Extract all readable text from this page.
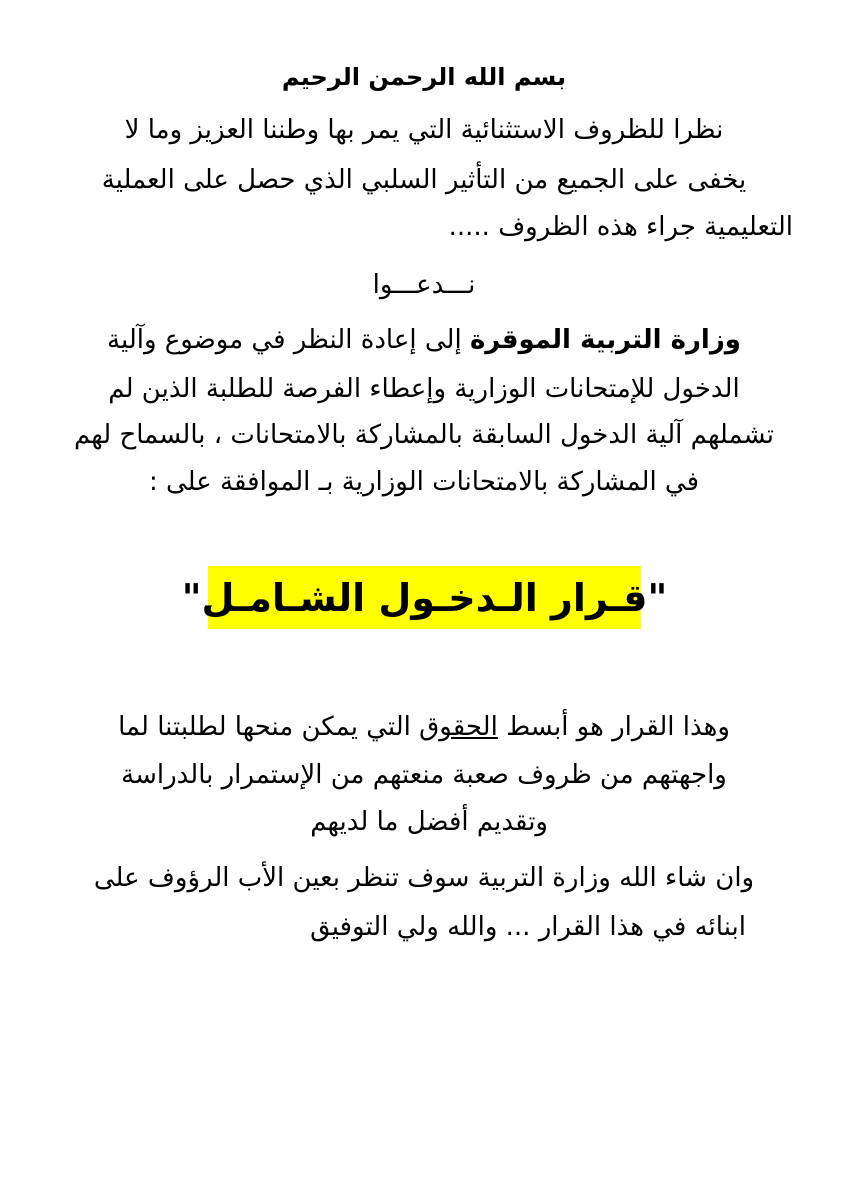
بسم الله الرحمن الرحيم
نظرا للظروف الاستثنائية التي يمر بها وطننا العزيز وما لا
يخفى على الجميع من التأثير السلبي الذي حصل على العملية
التعليمية جراء هذه الظروف .....
نـــدعـــوا
وزارة التربية الموقرة إلى إعادة النظر في موضوع وآلية
الدخول للإمتحانات الوزارية وإعطاء الفرصة للطلبة الذين لم
تشملهم آلية الدخول السابقة بالمشاركة بالامتحانات ، بالسماح لهم
في المشاركة بالامتحانات الوزارية بـ الموافقة على :
"قـرار الـدخـول الشـامـل"
وهذا القرار هو أبسط الحقوق التي يمكن منحها لطلبتنا لما
واجهتهم من ظروف صعبة منعتهم من الإستمرار بالدراسة
وتقديم أفضل ما لديهم
وان شاء الله وزارة التربية سوف تنظر بعين الأب الرؤوف على
ابنائه في هذا القرار ... والله ولي التوفيق
